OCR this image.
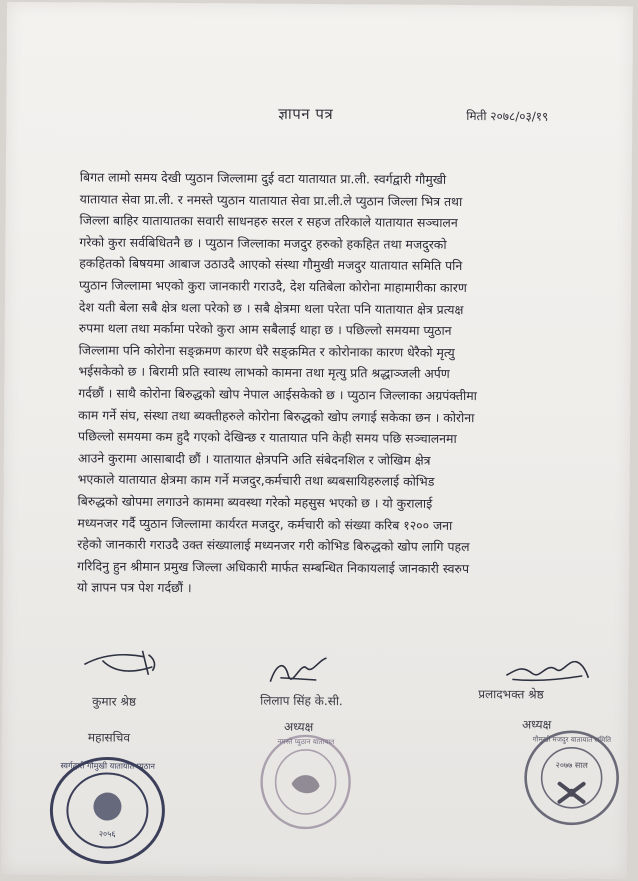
ज्ञापन पत्र	मिती २०७८/०३/१९
बिगत लामो समय देखी प्युठान जिल्लामा दुई वटा यातायात प्रा.ली. स्वर्गद्वारी गौमुखी
यातायात सेवा प्रा.ली. र नमस्ते प्युठान यातायात सेवा प्रा.ली.ले प्युठान जिल्ला भित्र तथा
जिल्ला बाहिर यातायातका सवारी साधनहरु सरल र सहज तरिकाले यातायात सञ्चालन
गरेको कुरा सर्वबिधितनै छ । प्युठान जिल्लाका मजदुर हरुको हकहित तथा मजदुरको
हकहितको बिषयमा आबाज उठाउदै आएको संस्था गौमुखी मजदुर यातायात समिति पनि
प्युठान जिल्लामा भएको कुरा जानकारी गराउदै, देश यतिबेला कोरोना माहामारीका कारण
देश यती बेला सबै क्षेत्र थला परेको छ । सबै क्षेत्रमा थला परेता पनि यातायात क्षेत्र प्रत्यक्ष
रुपमा थला तथा मर्कामा परेको कुरा आम सबैलाई थाहा छ । पछिल्लो समयमा प्युठान
जिल्लामा पनि कोरोना सङ्क्रमण कारण धेरै सङ्क्रमित र कोरोनाका कारण धेरैको मृत्यु
भईसकेको छ । बिरामी प्रति स्वास्थ लाभको कामना तथा मृत्यु प्रति श्रद्धाञ्जली अर्पण
गर्दछौं । साथै कोरोना बिरुद्धको खोप नेपाल आईसकेको छ । प्युठान जिल्लाका अग्रपंक्तीमा
काम गर्ने संघ, संस्था तथा ब्यक्तीहरुले कोरोना बिरुद्धको खोप लगाई सकेका छन । कोरोना
पछिल्लो समयमा कम हुदै गएको देखिन्छ र यातायात पनि केही समय पछि सञ्चालनमा
आउने कुरामा आसाबादी छौं । यातायात क्षेत्रपनि अति संबेदनशिल र जोखिम क्षेत्र
भएकाले यातायात क्षेत्रमा काम गर्ने मजदुर,कर्मचारी तथा ब्यबसायिहरुलाई कोभिड
बिरुद्धको खोपमा लगाउने काममा ब्यवस्था गरेको महसुस भएको छ । यो कुरालाई
मध्यनजर गर्दै प्युठान जिल्लामा कार्यरत मजदुर, कर्मचारी को संख्या करिब १२०० जना
रहेको जानकारी गराउदै उक्त संख्यालाई मध्यनजर गरी कोभिड बिरुद्धको खोप लागि पहल
गरिदिनु हुन श्रीमान प्रमुख जिल्ला अधिकारी मार्फत सम्बन्धित निकायलाई जानकारी स्वरुप
यो ज्ञापन पत्र पेश गर्दछौं ।
कुमार श्रेष्ठ
महासचिव
लिलाप सिंह के.सी.
अध्यक्ष
प्रलादभक्त श्रेष्ठ
अध्यक्ष
स्वर्गद्वारी गौमुखी यातायात प्युठान
२०५६
नमस्ते प्युठान यातायात	गौमुखी मजदुर यातायात समिति
२०७७ साल
